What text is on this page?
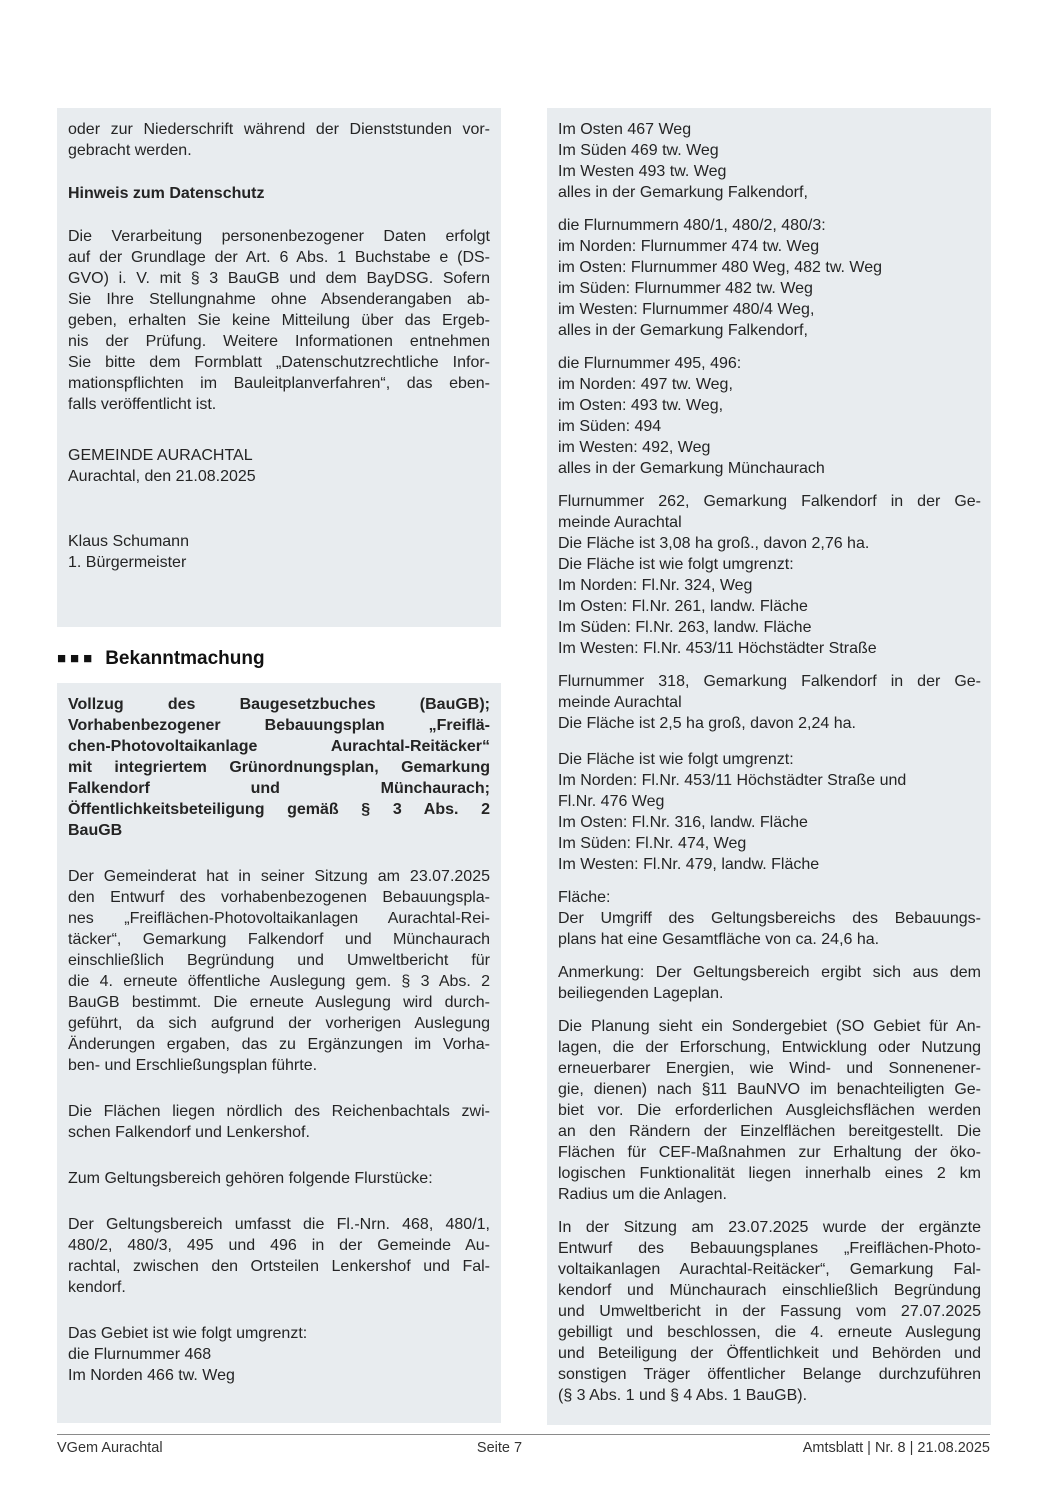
oder zur Niederschrift während der Dienststunden vor-
gebracht werden.
Hinweis zum Datenschutz
Die Verarbeitung personenbezogener Daten erfolgt
auf der Grundlage der Art. 6 Abs. 1 Buchstabe e (DS-
GVO) i. V. mit § 3 BauGB und dem BayDSG. Sofern
Sie Ihre Stellungnahme ohne Absenderangaben ab-
geben, erhalten Sie keine Mitteilung über das Ergeb-
nis der Prüfung. Weitere Informationen entnehmen
Sie bitte dem Formblatt „Datenschutzrechtliche Infor-
mationspflichten im Bauleitplanverfahren“, das eben-
falls veröffentlicht ist.
GEMEINDE AURACHTAL
Aurachtal, den 21.08.2025
Klaus Schumann
1. Bürgermeister
■■■ Bekanntmachung
Vollzug des Baugesetzbuches (BauGB);
Vorhabenbezogener Bebauungsplan „Freiflä-
chen-Photovoltaikanlage Aurachtal-Reitäcker“
mit integriertem Grünordnungsplan, Gemarkung
Falkendorf und Münchaurach;
Öffentlichkeitsbeteiligung gemäß § 3 Abs. 2
BauGB
Der Gemeinderat hat in seiner Sitzung am 23.07.2025
den Entwurf des vorhabenbezogenen Bebauungspla-
nes „Freiflächen-Photovoltaikanlagen Aurachtal-Rei-
täcker“, Gemarkung Falkendorf und Münchaurach
einschließlich Begründung und Umweltbericht für
die 4. erneute öffentliche Auslegung gem. § 3 Abs. 2
BauGB bestimmt. Die erneute Auslegung wird durch-
geführt, da sich aufgrund der vorherigen Auslegung
Änderungen ergaben, das zu Ergänzungen im Vorha-
ben- und Erschließungsplan führte.
Die Flächen liegen nördlich des Reichenbachtals zwi-
schen Falkendorf und Lenkershof.
Zum Geltungsbereich gehören folgende Flurstücke:
Der Geltungsbereich umfasst die Fl.-Nrn. 468, 480/1,
480/2, 480/3, 495 und 496 in der Gemeinde Au-
rachtal, zwischen den Ortsteilen Lenkershof und Fal-
kendorf.
Das Gebiet ist wie folgt umgrenzt:
die Flurnummer 468
Im Norden 466 tw. Weg
Im Osten 467 Weg
Im Süden 469 tw. Weg
Im Westen 493 tw. Weg
alles in der Gemarkung Falkendorf,
die Flurnummern 480/1, 480/2, 480/3:
im Norden: Flurnummer 474 tw. Weg
im Osten: Flurnummer 480 Weg, 482 tw. Weg
im Süden: Flurnummer 482 tw. Weg
im Westen: Flurnummer 480/4 Weg,
alles in der Gemarkung Falkendorf,
die Flurnummer 495, 496:
im Norden: 497 tw. Weg,
im Osten: 493 tw. Weg,
im Süden: 494
im Westen: 492, Weg
alles in der Gemarkung Münchaurach
Flurnummer 262, Gemarkung Falkendorf in der Ge-
meinde Aurachtal
Die Fläche ist 3,08 ha groß., davon 2,76 ha.
Die Fläche ist wie folgt umgrenzt:
Im Norden: Fl.Nr. 324, Weg
Im Osten: Fl.Nr. 261, landw. Fläche
Im Süden: Fl.Nr. 263, landw. Fläche
Im Westen: Fl.Nr. 453/11 Höchstädter Straße
Flurnummer 318, Gemarkung Falkendorf in der Ge-
meinde Aurachtal
Die Fläche ist 2,5 ha groß, davon 2,24 ha.
Die Fläche ist wie folgt umgrenzt:
Im Norden: Fl.Nr. 453/11 Höchstädter Straße und
Fl.Nr. 476 Weg
Im Osten: Fl.Nr. 316, landw. Fläche
Im Süden: Fl.Nr. 474, Weg
Im Westen: Fl.Nr. 479, landw. Fläche
Fläche:
Der Umgriff des Geltungsbereichs des Bebauungs-
plans hat eine Gesamtfläche von ca. 24,6 ha.
Anmerkung: Der Geltungsbereich ergibt sich aus dem
beiliegenden Lageplan.
Die Planung sieht ein Sondergebiet (SO Gebiet für An-
lagen, die der Erforschung, Entwicklung oder Nutzung
erneuerbarer Energien, wie Wind- und Sonnenener-
gie, dienen) nach §11 BauNVO im benachteiligten Ge-
biet vor. Die erforderlichen Ausgleichsflächen werden
an den Rändern der Einzelflächen bereitgestellt. Die
Flächen für CEF-Maßnahmen zur Erhaltung der öko-
logischen Funktionalität liegen innerhalb eines 2 km
Radius um die Anlagen.
In der Sitzung am 23.07.2025 wurde der ergänzte
Entwurf des Bebauungsplanes „Freiflächen-Photo-
voltaikanlagen Aurachtal-Reitäcker“, Gemarkung Fal-
kendorf und Münchaurach einschließlich Begründung
und Umweltbericht in der Fassung vom 27.07.2025
gebilligt und beschlossen, die 4. erneute Auslegung
und Beteiligung der Öffentlichkeit und Behörden und
sonstigen Träger öffentlicher Belange durchzuführen
(§ 3 Abs. 1 und § 4 Abs. 1 BauGB).
VGem Aurachtal	Seite 7	Amtsblatt | Nr. 8 | 21.08.2025
